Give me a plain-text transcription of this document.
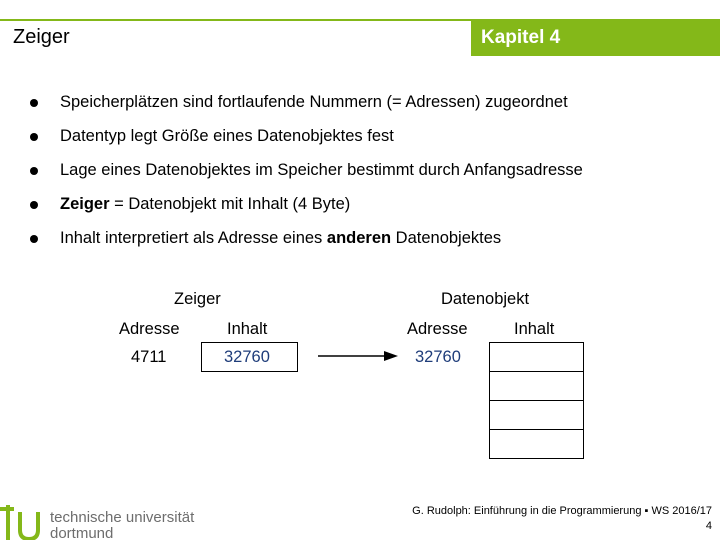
Zeiger	Kapitel 4
Speicherplätzen sind fortlaufende Nummern (= Adressen) zugeordnet
Datentyp legt Größe eines Datenobjektes fest
Lage eines Datenobjektes im Speicher bestimmt durch Anfangsadresse
Zeiger = Datenobjekt mit Inhalt (4 Byte)
Inhalt interpretiert als Adresse eines anderen Datenobjektes
Zeiger
Adresse	Inhalt
4711	32760
Datenobjekt
Adresse	Inhalt
32760
technische universität
dortmund
G. Rudolph: Einführung in die Programmierung ▪ WS 2016/17
4
